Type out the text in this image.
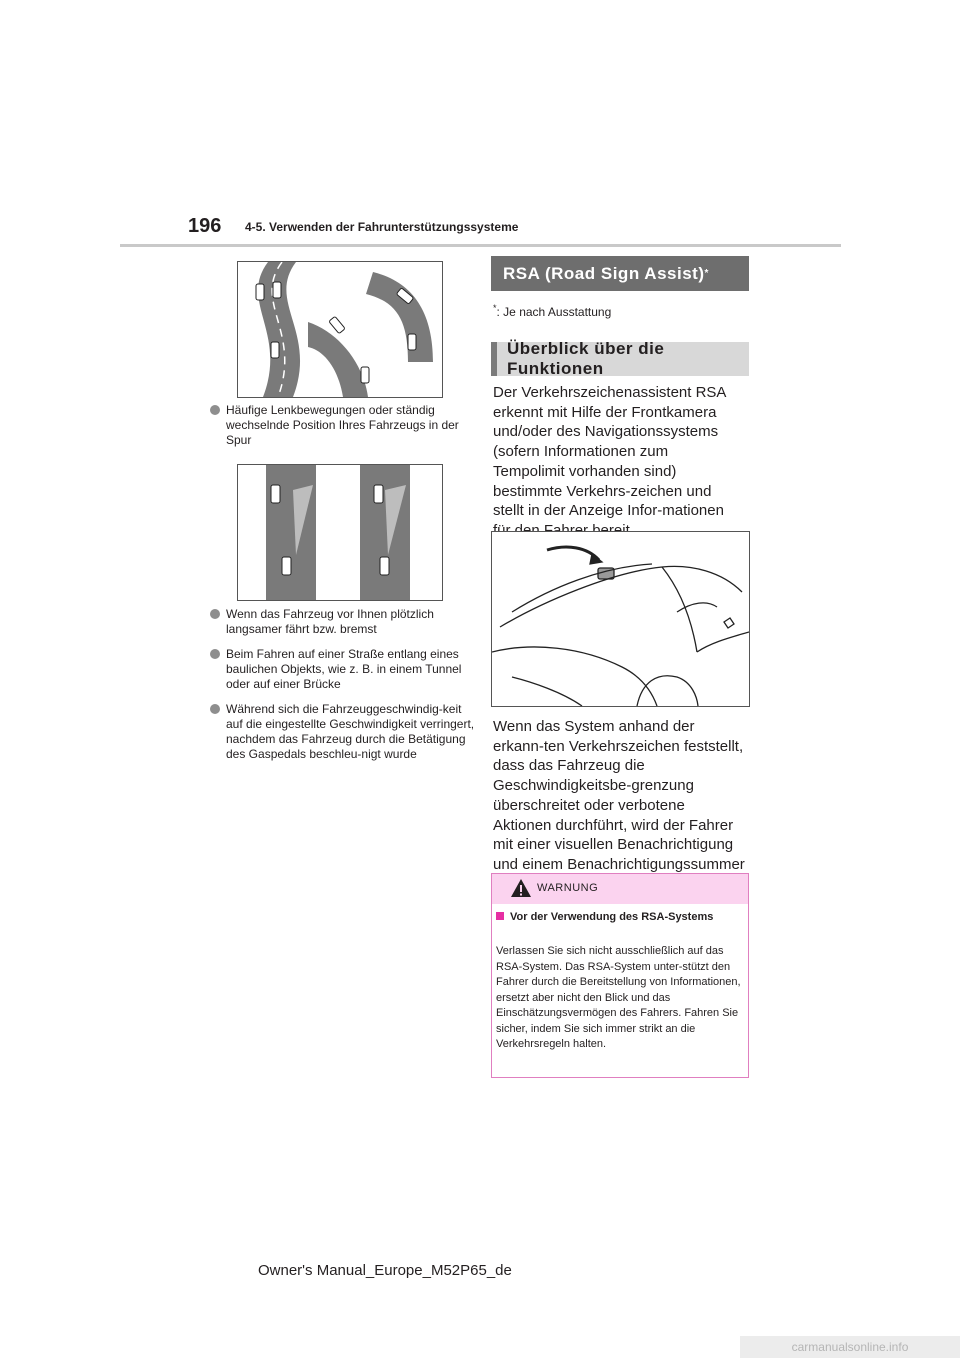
196 4-5. Verwenden der Fahrunterstützungssysteme
Häufige Lenkbewegungen oder ständig wechselnde Position Ihres Fahrzeugs in der Spur
Wenn das Fahrzeug vor Ihnen plötzlich langsamer fährt bzw. bremst
Beim Fahren auf einer Straße entlang eines baulichen Objekts, wie z. B. in einem Tunnel oder auf einer Brücke
Während sich die Fahrzeuggeschwindig-keit auf die eingestellte Geschwindigkeit verringert, nachdem das Fahrzeug durch die Betätigung des Gaspedals beschleu-nigt wurde
RSA (Road Sign Assist) *
*: Je nach Ausstattung
Überblick über die Funktionen
Der Verkehrszeichenassistent RSA erkennt mit Hilfe der Frontkamera und/oder des Navigationssystems (sofern Informationen zum Tempolimit vorhanden sind) bestimmte Verkehrs-zeichen und stellt in der Anzeige Infor-mationen
Wenn das System anhand der erkann-ten Verkehrszeichen feststellt, dass das Fahrzeug die Geschwindigkeitsbe-grenzung überschreitet oder verbotene Aktionen durchführt, wird der Fahrer mit einer visuellen Benachrichtigung und einem Benachrichtigungssummer
WARNUNG
Vor der Verwendung des RSA-Systems
Verlassen Sie sich nicht ausschließlich auf das RSA-System. Das RSA-System unter-stützt den Fahrer durch die Bereitstellung von Informationen, ersetzt aber nicht den Blick und das Einschätzungsvermögen des Fahrers. Fahren Sie sicher, indem Sie sich immer strikt an die Verkehrsregeln halten.
Owner's Manual_Europe_M52P65_de
carmanualsonline.info
